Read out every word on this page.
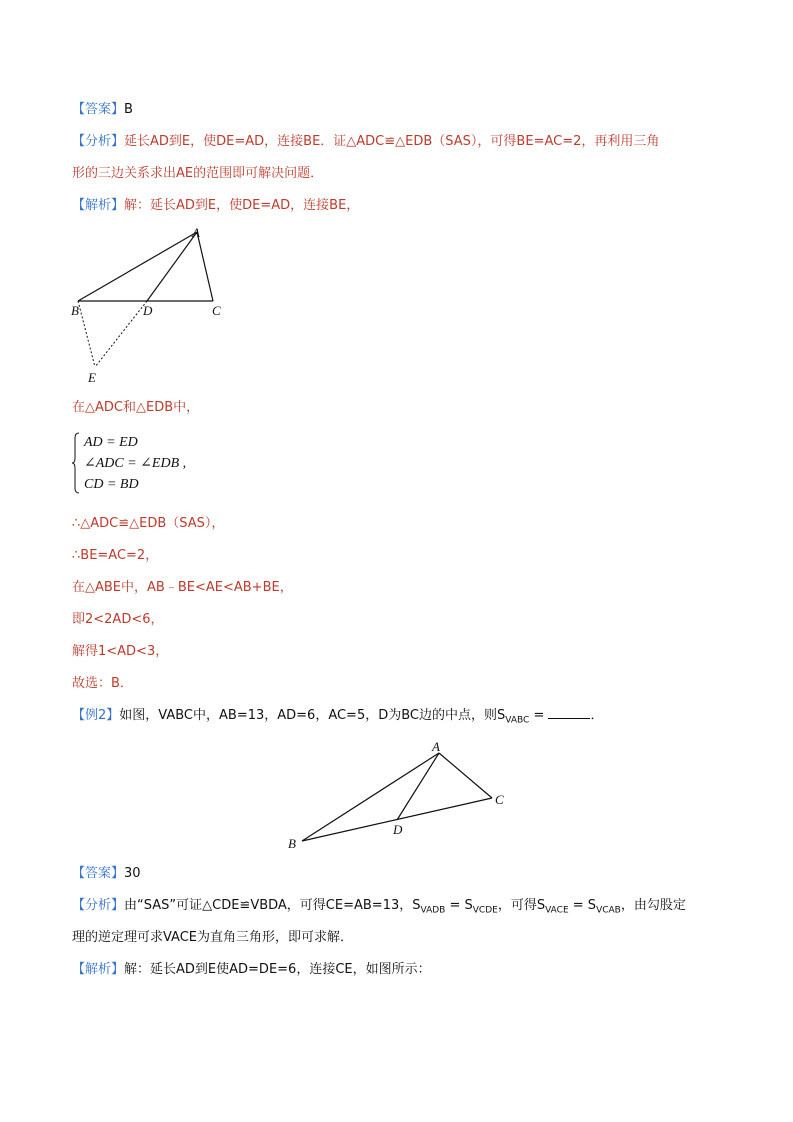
【答案】B
【分析】延长AD到E，使DE=AD，连接BE．证△ADC≌△EDB（SAS），可得BE=AC=2，再利用三角
形的三边关系求出AE的范围即可解决问题．
【解析】解：延长AD到E，使DE=AD，连接BE，
A
B	D	C
E
在△ADC和△EDB中，
AD = ED
∠ADC = ∠EDB ,
CD = BD
∴△ADC≌△EDB（SAS），
∴BE=AC=2，
在△ABE中，AB﹣BE<AE<AB+BE，
即2<2AD<6，
解得1<AD<3，
故选：B．
【例2】如图，VABC中，AB=13，AD=6，AC=5，D为BC边的中点，则$S_{VABC}$ =	．
A
B
D
C
【答案】30
【分析】由“SAS”可证△CDE≌VBDA，可得CE=AB=13，$S_{VADB} = S_{VCDE}$，可得$S_{VACE} = S_{VCAB}$，由勾股定
理的逆定理可求VACE为直角三角形，即可求解．
【解析】解：延长AD到E使AD=DE=6，连接CE，如图所示：
